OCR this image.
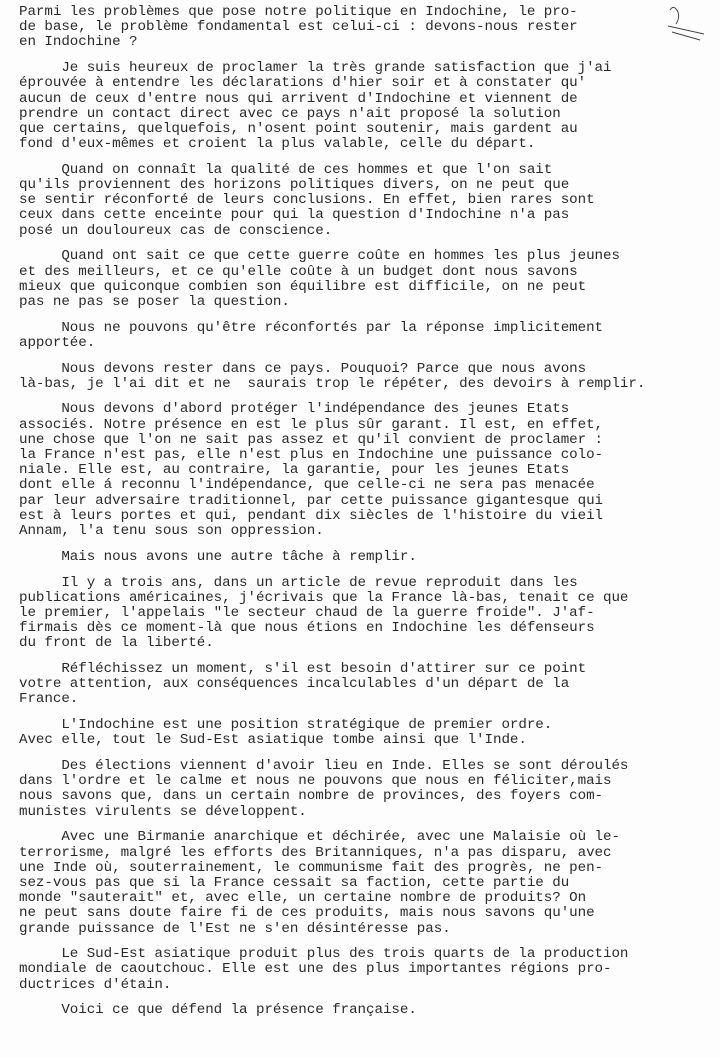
Parmi les problèmes que pose notre politique en Indochine, le pro-
de base, le problème fondamental est celui-ci : devons-nous rester
en Indochine ?

Je suis heureux de proclamer la très grande satisfaction que j'ai
éprouvée à entendre les déclarations d'hier soir et à constater qu'
aucun de ceux d'entre nous qui arrivent d'Indochine et viennent de
prendre un contact direct avec ce pays n'ait proposé la solution
que certains, quelquefois, n'osent point soutenir, mais gardent au
fond d'eux-mêmes et croient la plus valable, celle du départ.

Quand on connaît la qualité de ces hommes et que l'on sait
qu'ils proviennent des horizons politiques divers, on ne peut que
se sentir réconforté de leurs conclusions. En effet, bien rares sont
ceux dans cette enceinte pour qui la question d'Indochine n'a pas
posé un douloureux cas de conscience.

Quand ont sait ce que cette guerre coûte en hommes les plus jeunes
et des meilleurs, et ce qu'elle coûte à un budget dont nous savons
mieux que quiconque combien son équilibre est difficile, on ne peut
pas ne pas se poser la question.

Nous ne pouvons qu'être réconfortés par la réponse implicitement
apportée.

Nous devons rester dans ce pays. Pouquoi? Parce que nous avons
là-bas, je l'ai dit et ne  saurais trop le répéter, des devoirs à remplir.

Nous devons d'abord protéger l'indépendance des jeunes Etats
associés. Notre présence en est le plus sûr garant. Il est, en effet,
une chose que l'on ne sait pas assez et qu'il convient de proclamer :
la France n'est pas, elle n'est plus en Indochine une puissance colo-
niale. Elle est, au contraire, la garantie, pour les jeunes Etats
dont elle á reconnu l'indépendance, que celle-ci ne sera pas menacée
par leur adversaire traditionnel, par cette puissance gigantesque qui
est à leurs portes et qui, pendant dix siècles de l'histoire du vieil
Annam, l'a tenu sous son oppression.

Mais nous avons une autre tâche à remplir.

Il y a trois ans, dans un article de revue reproduit dans les
publications américaines, j'écrivais que la France là-bas, tenait ce que
le premier, l'appelais "le secteur chaud de la guerre froide". J'af-
firmais dès ce moment-là que nous étions en Indochine les défenseurs
du front de la liberté.

Réfléchissez un moment, s'il est besoin d'attirer sur ce point
votre attention, aux conséquences incalculables d'un départ de la
France.

L'Indochine est une position stratégique de premier ordre.
Avec elle, tout le Sud-Est asiatique tombe ainsi que l'Inde.

Des élections viennent d'avoir lieu en Inde. Elles se sont déroulés
dans l'ordre et le calme et nous ne pouvons que nous en féliciter,mais
nous savons que, dans un certain nombre de provinces, des foyers com-
munistes virulents se développent.

Avec une Birmanie anarchique et déchirée, avec une Malaisie où le-
terrorisme, malgré les efforts des Britanniques, n'a pas disparu, avec
une Inde où, souterrainement, le communisme fait des progrès, ne pen-
sez-vous pas que si la France cessait sa faction, cette partie du
monde "sauterait" et, avec elle, un certaine nombre de produits? On
ne peut sans doute faire fi de ces produits, mais nous savons qu'une
grande puissance de l'Est ne s'en désintéresse pas.

Le Sud-Est asiatique produit plus des trois quarts de la production
mondiale de caoutchouc. Elle est une des plus importantes régions pro-
ductrices d'étain.

Voici ce que défend la présence française.
